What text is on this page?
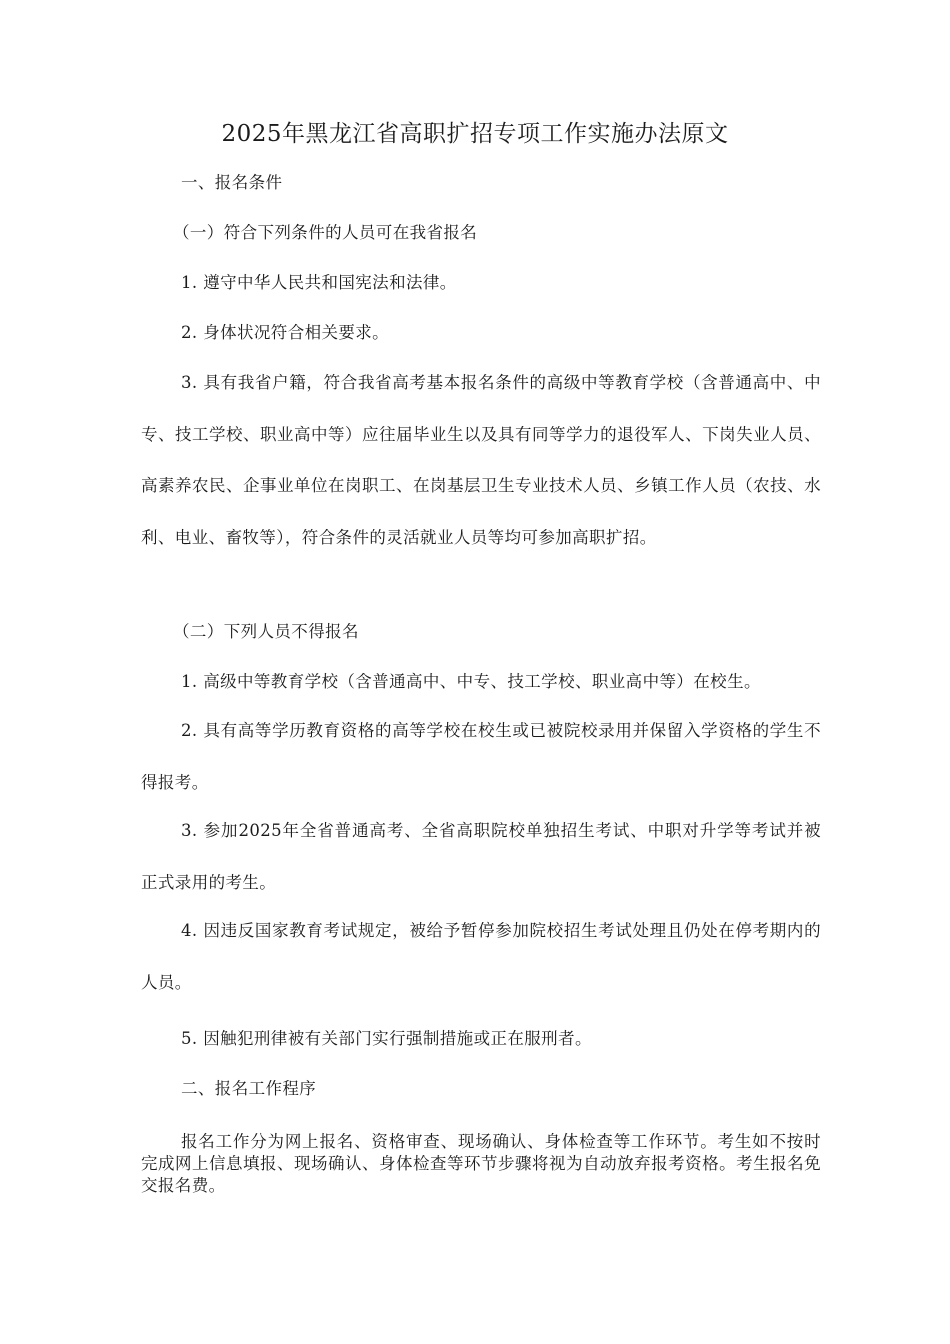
2025年黑龙江省高职扩招专项工作实施办法原文

一、报名条件

（一）符合下列条件的人员可在我省报名

1. 遵守中华人民共和国宪法和法律。

2. 身体状况符合相关要求。

3. 具有我省户籍，符合我省高考基本报名条件的高级中等教育学校（含普通高中、中专、技工学校、职业高中等）应往届毕业生以及具有同等学力的退役军人、下岗失业人员、高素养农民、企事业单位在岗职工、在岗基层卫生专业技术人员、乡镇工作人员（农技、水利、电业、畜牧等），符合条件的灵活就业人员等均可参加高职扩招。

（二）下列人员不得报名

1. 高级中等教育学校（含普通高中、中专、技工学校、职业高中等）在校生。

2. 具有高等学历教育资格的高等学校在校生或已被院校录用并保留入学资格的学生不得报考。

3. 参加2025年全省普通高考、全省高职院校单独招生考试、中职对升学等考试并被正式录用的考生。

4. 因违反国家教育考试规定，被给予暂停参加院校招生考试处理且仍处在停考期内的人员。

5. 因触犯刑律被有关部门实行强制措施或正在服刑者。

二、报名工作程序

报名工作分为网上报名、资格审查、现场确认、身体检查等工作环节。考生如不按时完成网上信息填报、现场确认、身体检查等环节步骤将视为自动放弃报考资格。考生报名免交报名费。
